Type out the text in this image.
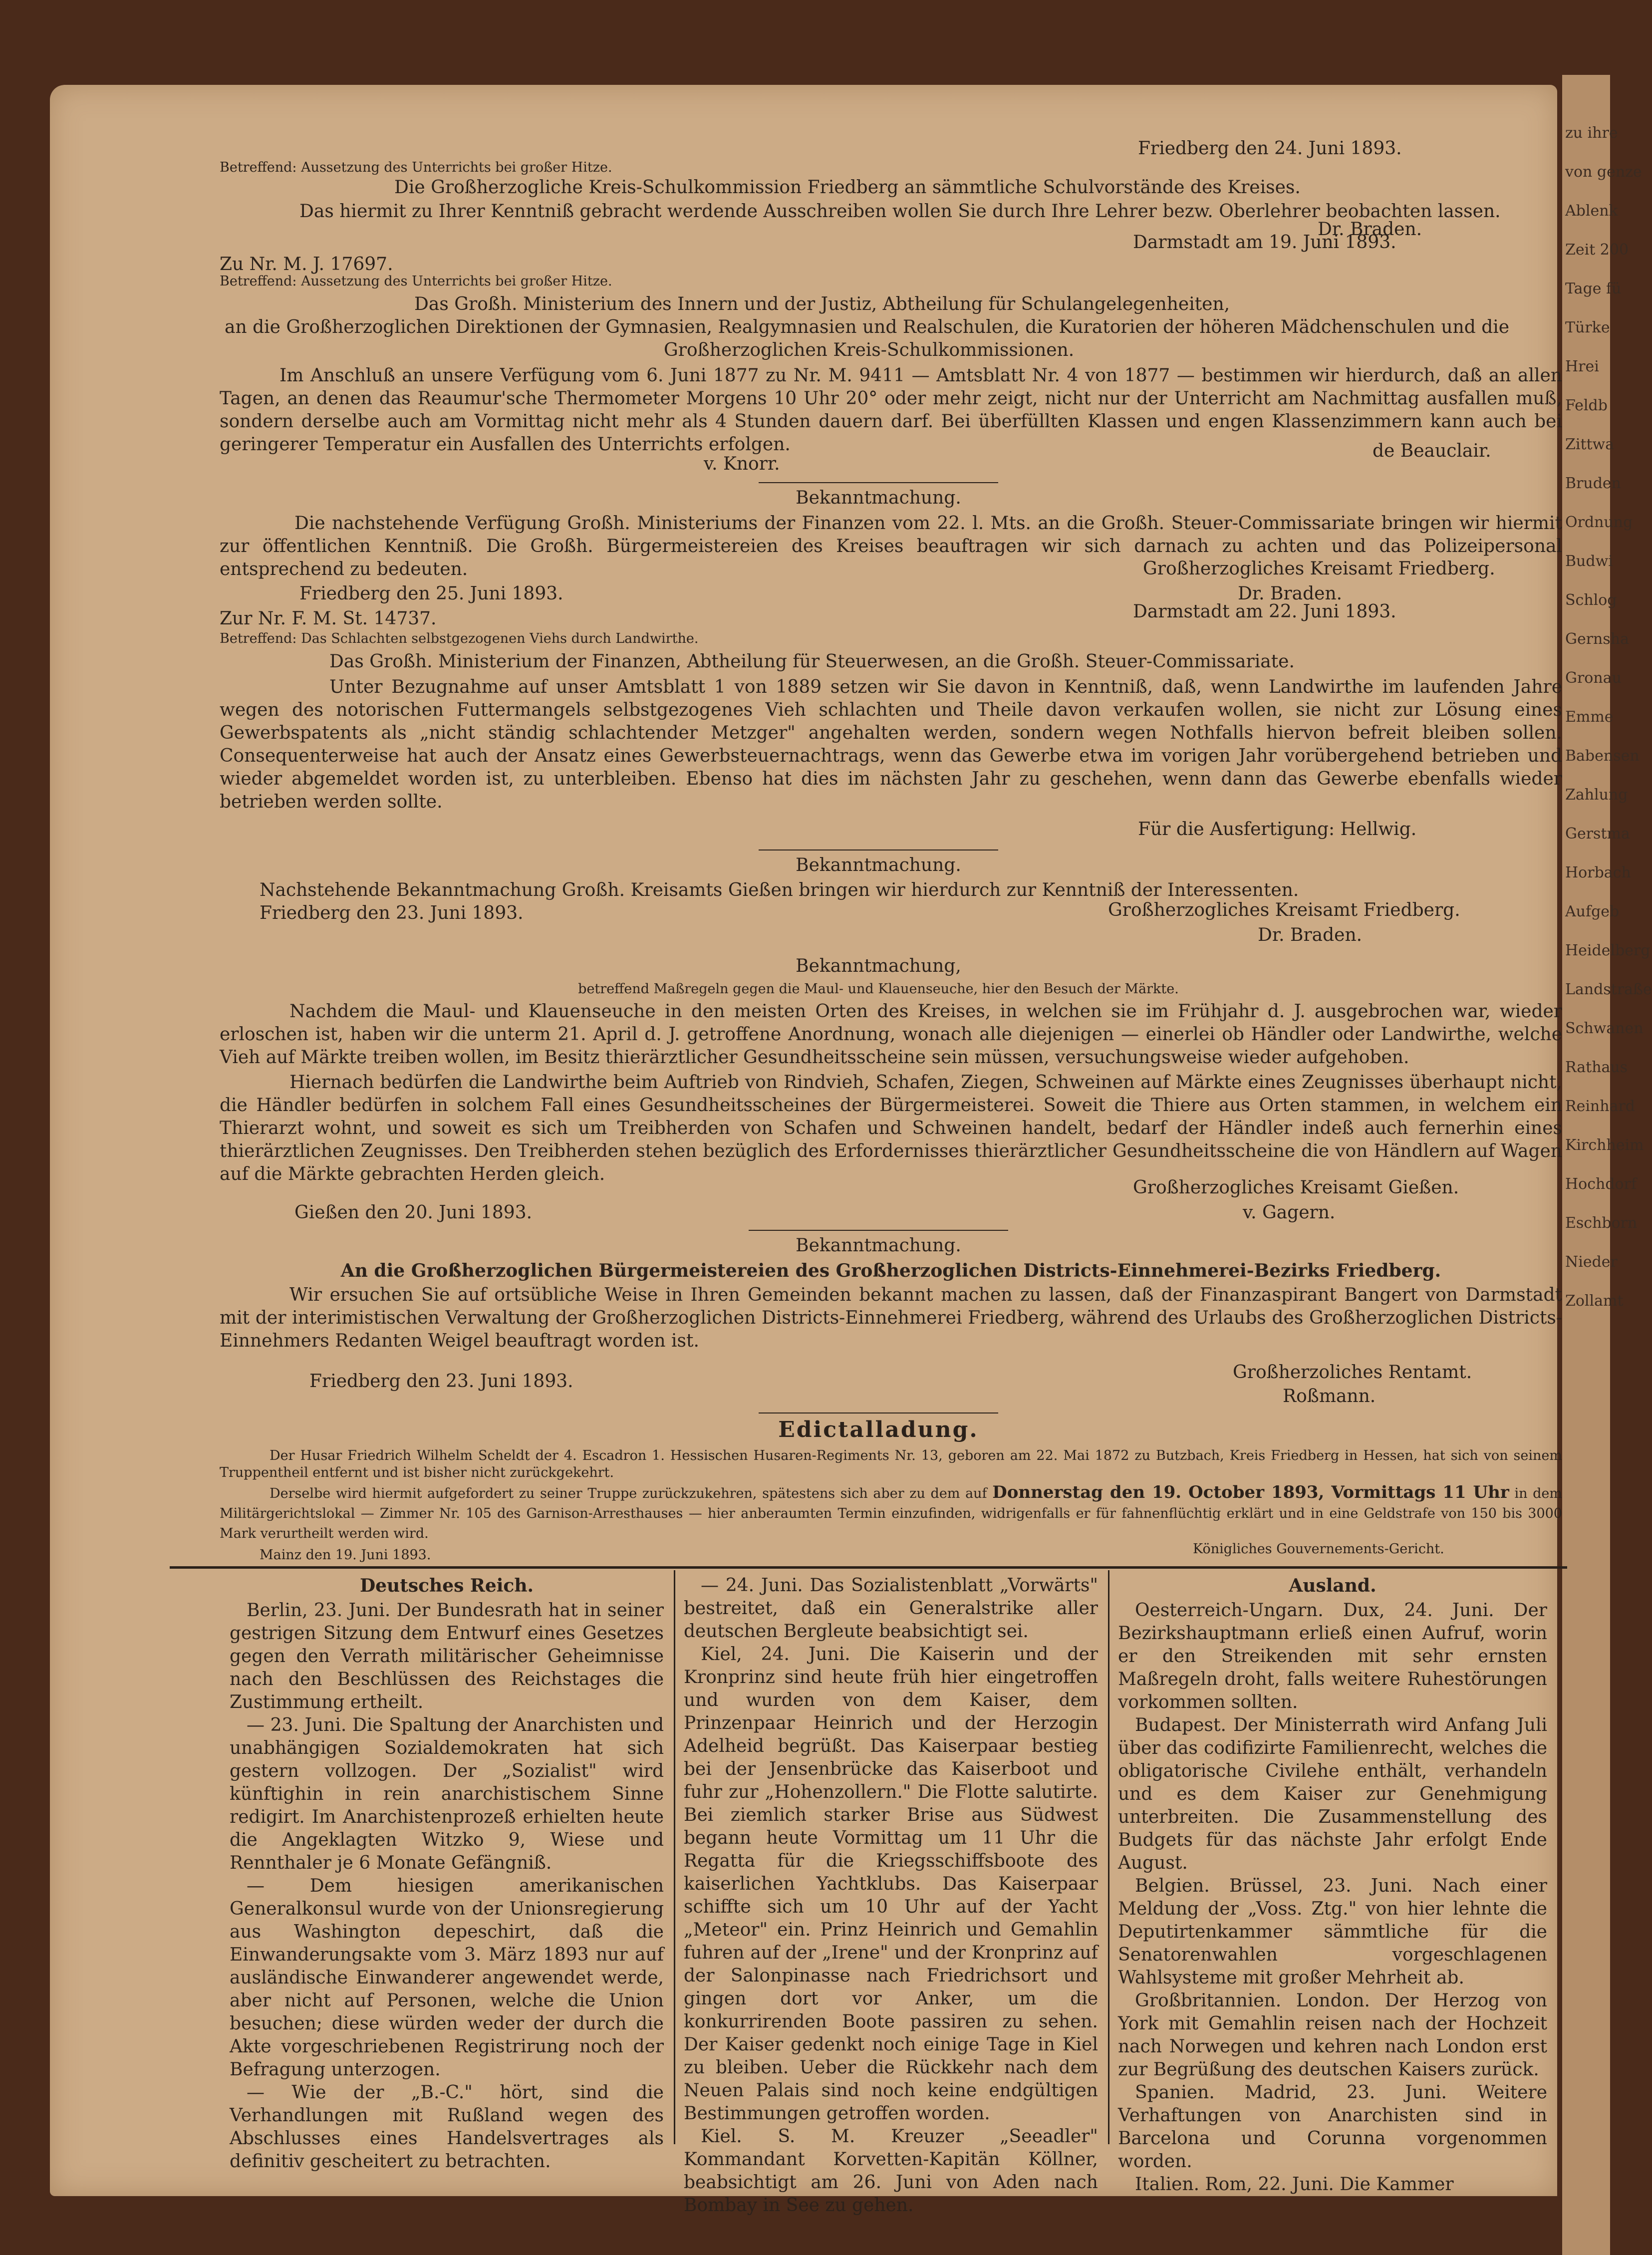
zu ihre
von genze
Ablenk
Zeit 200
Tage fü
Türke
Hrei
Feldb
Zittwa
Bruden
Ordnung
Budwi
Schlog
Gernsha
Gronau
Emme
Babensen
Zahlung
Gerstma
Horbach
Aufgeb
Heidelberg
Landstraße
Schwanen
Rathaus
Reinhard
Kirchheim
Hochdorf
Eschborn
Nieder
Zollamt
Betreffend: Aussetzung des Unterrichts bei großer Hitze.
Friedberg den 24. Juni 1893.
Die Großherzogliche Kreis-Schulkommission Friedberg an sämmtliche Schulvorstände des Kreises.
Das hiermit zu Ihrer Kenntniß gebracht werdende Ausschreiben wollen Sie durch Ihre Lehrer bezw. Oberlehrer beobachten lassen.
Dr. Braden.
Zu Nr. M. J. 17697.
Darmstadt am 19. Juni 1893.
Betreffend: Aussetzung des Unterrichts bei großer Hitze.
Das Großh. Ministerium des Innern und der Justiz, Abtheilung für Schulangelegenheiten,
an die Großherzoglichen Direktionen der Gymnasien, Realgymnasien und Realschulen, die Kuratorien der höheren Mädchenschulen und die
Großherzoglichen Kreis-Schulkommissionen.
Im Anschluß an unsere Verfügung vom 6. Juni 1877 zu Nr. M. 9411 — Amtsblatt Nr. 4 von 1877 — bestimmen wir hierdurch, daß an allen Tagen, an denen das Reaumur'sche Thermometer Morgens 10 Uhr 20° oder mehr zeigt, nicht nur der Unterricht am Nachmittag ausfallen muß, sondern derselbe auch am Vormittag nicht mehr als 4 Stunden dauern darf. Bei überfüllten Klassen und engen Klassenzimmern kann auch bei geringerer Temperatur ein Ausfallen des Unterrichts erfolgen.
v. Knorr.
de Beauclair.
Bekanntmachung.
Die nachstehende Verfügung Großh. Ministeriums der Finanzen vom 22. l. Mts. an die Großh. Steuer-Commissariate bringen wir hiermit zur öffentlichen Kenntniß. Die Großh. Bürgermeistereien des Kreises beauftragen wir sich darnach zu achten und das Polizeipersonal entsprechend zu bedeuten.	Großherzogliches Kreisamt Friedberg.
Dr. Braden.
Friedberg den 25. Juni 1893.
Zur Nr. F. M. St. 14737.	Darmstadt am 22. Juni 1893.
Betreffend: Das Schlachten selbstgezogenen Viehs durch Landwirthe.
Das Großh. Ministerium der Finanzen, Abtheilung für Steuerwesen, an die Großh. Steuer-Commissariate.
Unter Bezugnahme auf unser Amtsblatt 1 von 1889 setzen wir Sie davon in Kenntniß, daß, wenn Landwirthe im laufenden Jahre wegen des notorischen Futtermangels selbstgezogenes Vieh schlachten und Theile davon verkaufen wollen, sie nicht zur Lösung eines Gewerbspatents als „nicht ständig schlachtender Metzger" angehalten werden, sondern wegen Nothfalls hiervon befreit bleiben sollen. Consequenterweise hat auch der Ansatz eines Gewerbsteuernachtrags, wenn das Gewerbe etwa im vorigen Jahr vorübergehend betrieben und wieder abgemeldet worden ist, zu unterbleiben. Ebenso hat dies im nächsten Jahr zu geschehen, wenn dann das Gewerbe ebenfalls wieder betrieben werden sollte.
Für die Ausfertigung: Hellwig.
Bekanntmachung.
Nachstehende Bekanntmachung Großh. Kreisamts Gießen bringen wir hierdurch zur Kenntniß der Interessenten.
Friedberg den 23. Juni 1893.	Großherzogliches Kreisamt Friedberg.
Dr. Braden.
Bekanntmachung,
betreffend Maßregeln gegen die Maul- und Klauenseuche, hier den Besuch der Märkte.
Nachdem die Maul- und Klauenseuche in den meisten Orten des Kreises, in welchen sie im Frühjahr d. J. ausgebrochen war, wieder erloschen ist, haben wir die unterm 21. April d. J. getroffene Anordnung, wonach alle diejenigen — einerlei ob Händler oder Landwirthe, welche Vieh auf Märkte treiben wollen, im Besitz thierärztlicher Gesundheitsscheine sein müssen, versuchungsweise wieder aufgehoben.
Hiernach bedürfen die Landwirthe beim Auftrieb von Rindvieh, Schafen, Ziegen, Schweinen auf Märkte eines Zeugnisses überhaupt nicht, die Händler bedürfen in solchem Fall eines Gesundheitsscheines der Bürgermeisterei. Soweit die Thiere aus Orten stammen, in welchem ein Thierarzt wohnt, und soweit es sich um Treibherden von Schafen und Schweinen handelt, bedarf der Händler indeß auch fernerhin eines thierärztlichen Zeugnisses. Den Treibherden stehen bezüglich des Erfordernisses thierärztlicher Gesundheitsscheine die von Händlern auf Wagen auf die Märkte gebrachten Herden gleich.
Großherzogliches Kreisamt Gießen.
Gießen den 20. Juni 1893.	v. Gagern.
Bekanntmachung.
An die Großherzoglichen Bürgermeistereien des Großherzoglichen Districts-Einnehmerei-Bezirks Friedberg.
Wir ersuchen Sie auf ortsübliche Weise in Ihren Gemeinden bekannt machen zu lassen, daß der Finanzaspirant Bangert von Darmstadt mit der interimistischen Verwaltung der Großherzoglichen Districts-Einnehmerei Friedberg, während des Urlaubs des Großherzoglichen Districts-Einnehmers Redanten Weigel beauftragt worden ist.
Großherzoliches Rentamt.
Friedberg den 23. Juni 1893.
Roßmann.
Edictalladung.
Der Husar Friedrich Wilhelm Scheldt der 4. Escadron 1. Hessischen Husaren-Regiments Nr. 13, geboren am 22. Mai 1872 zu Butzbach, Kreis Friedberg in Hessen, hat sich von seinem Truppentheil entfernt und ist bisher nicht zurückgekehrt.
Derselbe wird hiermit aufgefordert zu seiner Truppe zurückzukehren, spätestens sich aber zu dem auf Donnerstag den 19. October 1893, Vormittags 11 Uhr in dem Militärgerichtslokal — Zimmer Nr. 105 des Garnison-Arresthauses — hier anberaumten Termin einzufinden, widrigenfalls er für fahnenflüchtig erklärt und in eine Geldstrafe von 150 bis 3000 Mark verurtheilt werden wird.
Mainz den 19. Juni 1893.	Königliches Gouvernements-Gericht.
Deutsches Reich.

Berlin, 23. Juni. Der Bundesrath hat in seiner gestrigen Sitzung dem Entwurf eines Gesetzes gegen den Verrath militärischer Geheimnisse nach den Beschlüssen des Reichstages die Zustimmung ertheilt.

— 23. Juni. Die Spaltung der Anarchisten und unabhängigen Sozialdemokraten hat sich gestern vollzogen. Der „Sozialist" wird künftighin in rein anarchistischem Sinne redigirt. Im Anarchistenprozeß erhielten heute die Angeklagten Witzko 9, Wiese und Rennthaler je 6 Monate Gefängniß.

— Dem hiesigen amerikanischen Generalkonsul wurde von der Unionsregierung aus Washington depeschirt, daß die Einwanderungsakte vom 3. März 1893 nur auf ausländische Einwanderer angewendet werde, aber nicht auf Personen, welche die Union besuchen; diese würden weder der durch die Akte vorgeschriebenen Registrirung noch der Befragung unterzogen.

— Wie der „B.-C." hört, sind die Verhandlungen mit Rußland wegen des Abschlusses eines Handelsvertrages als definitiv gescheitert zu betrachten.

— 24. Juni. Das Sozialistenblatt „Vorwärts" bestreitet, daß ein Generalstrike aller deutschen Bergleute beabsichtigt sei.

Kiel, 24. Juni. Die Kaiserin und der Kronprinz sind heute früh hier eingetroffen und wurden von dem Kaiser, dem Prinzenpaar Heinrich und der Herzogin Adelheid begrüßt. Das Kaiserpaar bestieg bei der Jensenbrücke das Kaiserboot und fuhr zur „Hohenzollern." Die Flotte salutirte. Bei ziemlich starker Brise aus Südwest begann heute Vormittag um 11 Uhr die Regatta für die Kriegsschiffsboote des kaiserlichen Yachtklubs. Das Kaiserpaar schiffte sich um 10 Uhr auf der Yacht „Meteor" ein. Prinz Heinrich und Gemahlin fuhren auf der „Irene" und der Kronprinz auf der Salonpinasse nach Friedrichsort und gingen dort vor Anker, um die konkurrirenden Boote passiren zu sehen. Der Kaiser gedenkt noch einige Tage in Kiel zu bleiben. Ueber die Rückkehr nach dem Neuen Palais sind noch keine endgültigen Bestimmungen getroffen worden.

Kiel. S. M. Kreuzer „Seeadler" Kommandant Korvetten-Kapitän Köllner, beabsichtigt am 26. Juni von Aden nach Bombay in See zu gehen.

Ausland.

Oesterreich-Ungarn. Dux, 24. Juni. Der Bezirkshauptmann erließ einen Aufruf, worin er den Streikenden mit sehr ernsten Maßregeln droht, falls weitere Ruhestörungen vorkommen sollten.

Budapest. Der Ministerrath wird Anfang Juli über das codifizirte Familienrecht, welches die obligatorische Civilehe enthält, verhandeln und es dem Kaiser zur Genehmigung unterbreiten. Die Zusammenstellung des Budgets für das nächste Jahr erfolgt Ende August.

Belgien. Brüssel, 23. Juni. Nach einer Meldung der „Voss. Ztg." von hier lehnte die Deputirtenkammer sämmtliche für die Senatorenwahlen vorgeschlagenen Wahlsysteme mit großer Mehrheit ab.

Großbritannien. London. Der Herzog von York mit Gemahlin reisen nach der Hochzeit nach Norwegen und kehren nach London erst zur Begrüßung des deutschen Kaisers zurück.

Spanien. Madrid, 23. Juni. Weitere Verhaftungen von Anarchisten sind in Barcelona und Corunna vorgenommen worden.

Italien. Rom, 22. Juni. Die Kammer
